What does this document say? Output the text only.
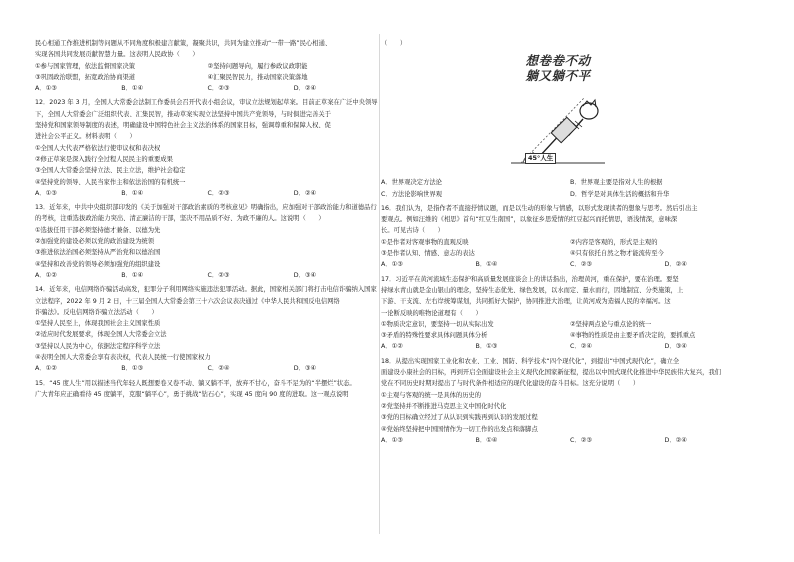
民心相通工作推进机制等问题从不同角度积极建言献策，凝聚共识，共同为建立推动“一带一路”民心相通、
实现各国共同发展贡献智慧力量。这表明人民政协（　　）
①参与国家管理，依法监督国家决策	②坚持问题导向，履行参政议政职能
③巩固政治联盟，拓宽政治协商渠道	④汇聚民智民力，推动国家决策落地
A．①③	B．①④	C．②③	D．②④
12．2023 年 3 月，全国人大常委会法制工作委员会召开代表小组会议，审议立法规划起草案。目前正草案在广泛中央领导
下，全国人大常委会广泛组织代表、汇集民智，推动草案实现立法坚持中国共产党领导，与时俱进完善关于
坚持党和国家领导制度的表述，明确建设中国特色社会主义法治体系的国家目标，强调尊重和保障人权、促
进社会公平正义。材料表明（　　）
①全国人大代表严格依法行使审议权和表决权
②修正草案是深入践行全过程人民民主的重要成果
③全国人大常委会坚持立法、民主立法，维护社会稳定
④坚持党的领导、人民当家作主和依法治国的有机统一
A．①③	B．①④	C．②③	D．②④
13．近年来，中共中央组织部印发的《关于加强对干部政治素质的考核意见》明确指出，应加强对干部政治能力和道德品行
的考核，注重选拔政治能力突出、清正廉洁的干部，坚决不用品质不好、为政不廉的人。这说明（　　）
①选拔任用干部必须坚持德才兼备、以德为先
②加强党的建设必须以党的政治建设为统领
③推进依法治国必须坚持从严治党和以德治国
④坚持和改善党的领导必须加强党的组织建设
A．①②	B．①④	C．②③	D．③④
14．近年来，电信网络诈骗活动高发，犯罪分子利用网络实施违法犯罪活动。据此，国家相关部门将打击电信诈骗纳入国家
立法程序，2022 年 9 月 2 日，十三届全国人大常委会第三十六次会议表决通过《中华人民共和国反电信网络
诈骗法》。反电信网络诈骗立法活动（　　）
①坚持人民至上，体现我国社会主义国家性质
②适应时代发展要求，体现全国人大常委会立法
③坚持以人民为中心，依据法定程序科学立法
④表明全国人大常委会享有表决权，代表人民统一行使国家权力
A．①②	B．①③	C．②④	D．③④
15．“45 度人生”用以描述当代年轻人既想要卷又卷不动、躺又躺不平，放弃不甘心，奋斗不足为的“半摆烂”状态。
广大青年应正确看待 45 度躺平，克服“躺平心”，勇于挑战“钻石心”，实现 45 度向 90 度的进取。这一观点说明
（　　）
想卷卷不动
躺又躺不平
45°人生
A．世界观决定方法论	B．世界观主要是指对人生的根据
C．方法论影响世界观	D．哲学是对具体生活的概括和升华
16．我们认为，是指作者不直接抒情议题，而是以生动的形象与情感，以形式发现读者的想象与思考。然后引出主
要观点。例如汪维的《相思》首句“红豆生南国”，以象征乡思爱情的红豆起兴而托情思，语浅情深，意味深
长。可见古诗（　　）
①是作者对客观事物的直观反映	②内容是客观的，形式是主观的
③是作者认知、情感、意志的表达	④只有依托自然之物才能流传至今
A．①③	B．①④	C．②③	D．②④
17．习近平在黄河流域生态保护和高质量发展座谈会上的讲话指出，治理黄河，重在保护，要在治理。要坚
持绿水青山就是金山银山的理念，坚持生态优先、绿色发展，以水而定、量水而行，因地制宜、分类施策，上
下游、干支流、左右岸统筹谋划，共同抓好大保护，协同推进大治理，让黄河成为造福人民的幸福河。这
一论断反映的唯物论道理有（　　）
①物质决定意识，要坚持一切从实际出发	②坚持两点论与重点论的统一
③矛盾的特殊性要求具体问题具体分析	④事物的性质是由主要矛盾决定的，要抓重点
A．①②	B．①③	C．②④	D．③④
18．从提出实现国家工业化和农业、工业、国防、科学技术“四个现代化”，到提出“中国式现代化”，确立全
面建设小康社会的目标，再到开启全面建设社会主义现代化国家新征程，提出以中国式现代化推进中华民族伟大复兴，我们
党在不同历史时期对提出了与时代条件相适应的现代化建设的奋斗目标。这充分说明（　　）
①主观与客观的统一是具体的历史的
②党坚持并不断推进马克思主义中国化时代化
③党的目标确立经过了从认识到实践再到认识的发展过程
④党始终坚持把中国国情作为一切工作的出发点和落脚点
A．①③	B．①④	C．②③	D．②④
